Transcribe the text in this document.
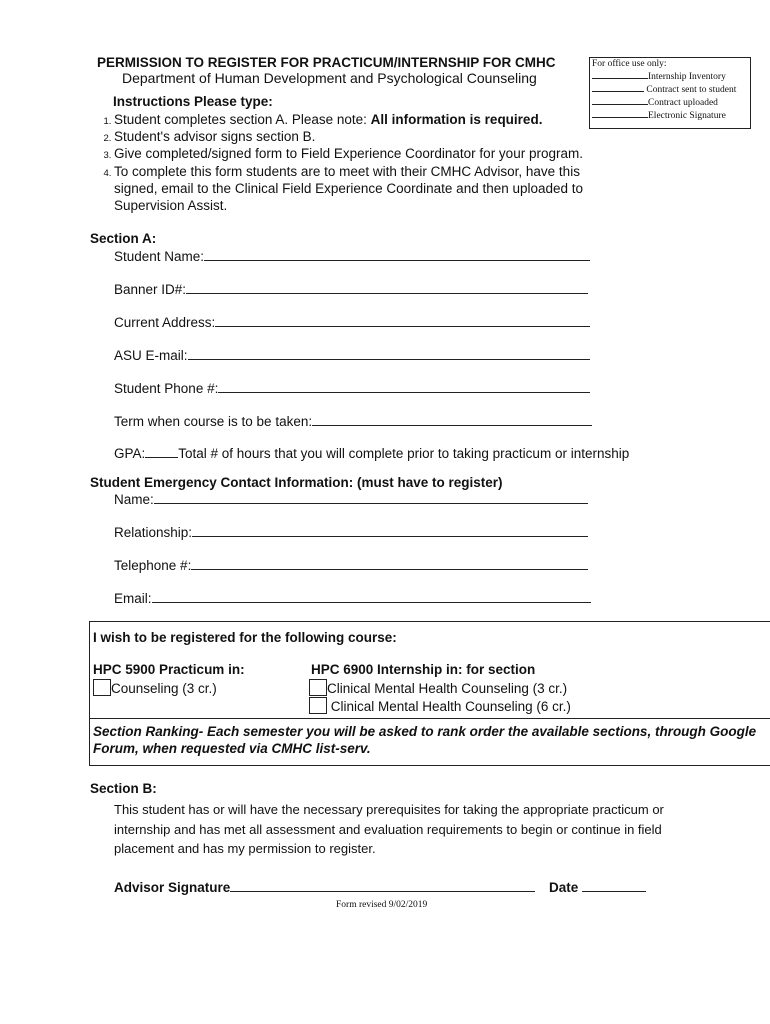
PERMISSION TO REGISTER FOR PRACTICUM/INTERNSHIP FOR CMHC
Department of Human Development and Psychological Counseling
For office use only:
Internship Inventory
Contract sent to student
Contract uploaded
Electronic Signature
Instructions Please type:
1. Student completes section A. Please note: All information is required.
2. Student's advisor signs section B.
3. Give completed/signed form to Field Experience Coordinator for your program.
4. To complete this form students are to meet with their CMHC Advisor, have this signed, email to the Clinical Field Experience Coordinate and then uploaded to Supervision Assist.
Section A:
Student Name:
Banner ID#:
Current Address:
ASU E-mail:
Student Phone #:
Term when course is to be taken:
GPA: Total # of hours that you will complete prior to taking practicum or internship
Student Emergency Contact Information: (must have to register)
Name:
Relationship:
Telephone #:
Email:
I wish to be registered for the following course:
HPC 5900 Practicum in:
Counseling (3 cr.)
HPC 6900 Internship in: for section
Clinical Mental Health Counseling (3 cr.)
Clinical Mental Health Counseling (6 cr.)
Section Ranking- Each semester you will be asked to rank order the available sections, through Google Forum, when requested via CMHC list-serv.
Section B:
This student has or will have the necessary prerequisites for taking the appropriate practicum or internship and has met all assessment and evaluation requirements to begin or continue in field placement and has my permission to register.
Advisor Signature	Date
Form revised 9/02/2019
